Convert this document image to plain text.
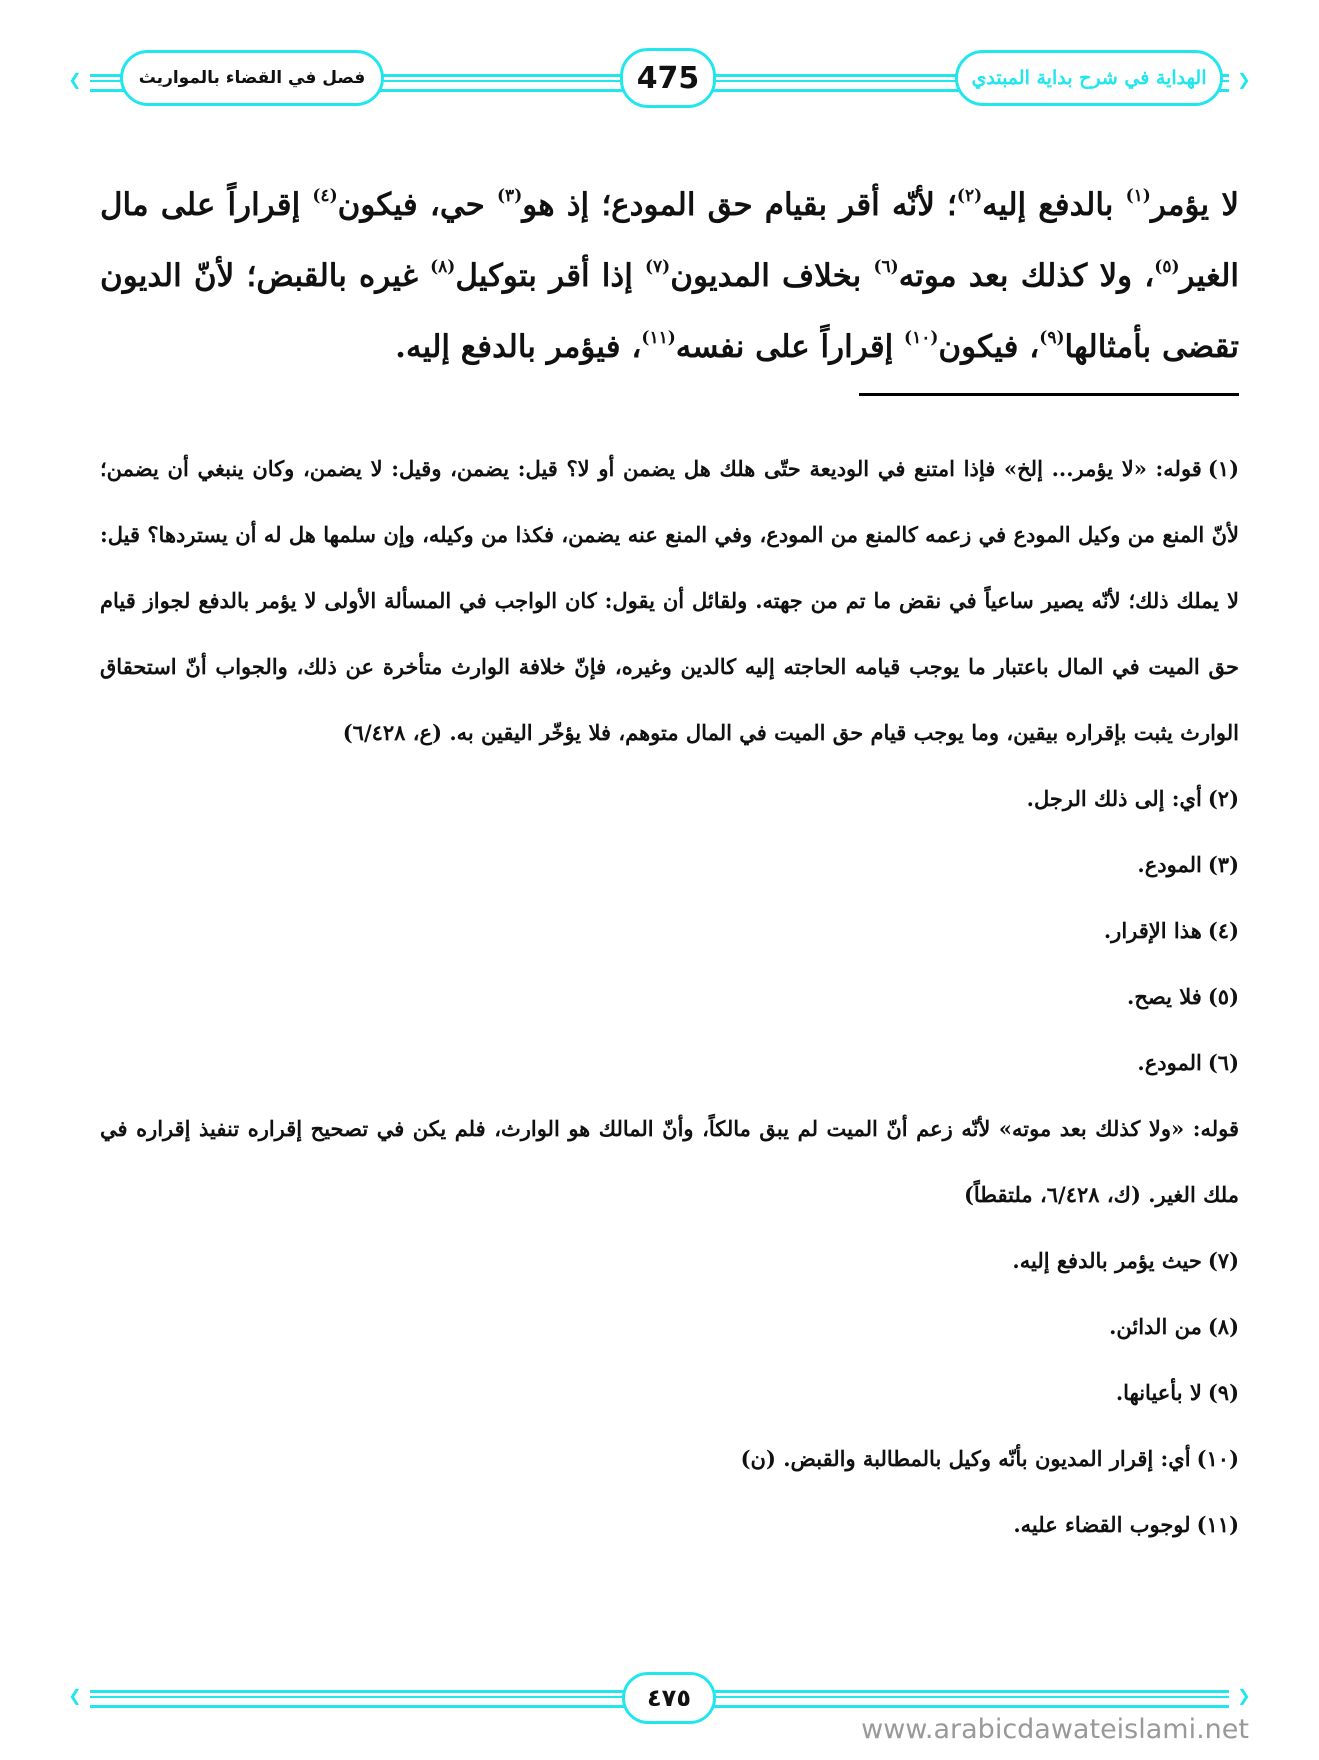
❮	❯
فصل في القضاء بالمواريث	475	الهداية في شرح بداية المبتدي
لا يؤمر$^{(١)}$ بالدفع إليه$^{(٢)}$؛ لأنّه أقر بقيام حق المودع؛ إذ هو$^{(٣)}$ حي، فيكون$^{(٤)}$ إقراراً على مال الغير$^{(٥)}$، ولا كذلك بعد موته$^{(٦)}$ بخلاف المديون$^{(٧)}$ إذا أقر بتوكيل$^{(٨)}$ غيره بالقبض؛ لأنّ الديون تقضى بأمثالها$^{(٩)}$، فيكون$^{(١٠)}$ إقراراً على نفسه$^{(١١)}$، فيؤمر بالدفع إليه.

(١)قوله: «لا يؤمر... إلخ» فإذا امتنع في الوديعة حتّى هلك هل يضمن أو لا؟ قيل: يضمن، وقيل: لا يضمن، وكان ينبغي أن يضمن؛ لأنّ المنع من وكيل المودع في زعمه كالمنع من المودع، وفي المنع عنه يضمن، فكذا من وكيله، وإن سلمها هل له أن يستردها؟ قيل: لا يملك ذلك؛ لأنّه يصير ساعياً في نقض ما تم من جهته. ولقائل أن يقول: كان الواجب في المسألة الأولى لا يؤمر بالدفع لجواز قيام حق الميت في المال باعتبار ما يوجب قيامه الحاجته إليه كالدين وغيره، فإنّ خلافة الوارث متأخرة عن ذلك، والجواب أنّ استحقاق الوارث يثبت بإقراره بيقين، وما يوجب قيام حق الميت في المال متوهم، فلا يؤخّر اليقين به. (ع، ٦/٤٢٨)

(٢)أي: إلى ذلك الرجل.

(٣)المودع.

(٤)هذا الإقرار.

(٥)فلا يصح.

(٦)المودع.

قوله: «ولا كذلك بعد موته» لأنّه زعم أنّ الميت لم يبق مالكاً، وأنّ المالك هو الوارث، فلم يكن في تصحيح إقراره تنفيذ إقراره في ملك الغير. (ك، ٦/٤٢٨، ملتقطاً)

(٧)حيث يؤمر بالدفع إليه.

(٨)من الدائن.

(٩)لا بأعيانها.

(١٠)أي: إقرار المديون بأنّه وكيل بالمطالبة والقبض. (ن)

(١١)لوجوب القضاء عليه.

❮	❯
٤٧٥
www.arabicdawateislami.net
